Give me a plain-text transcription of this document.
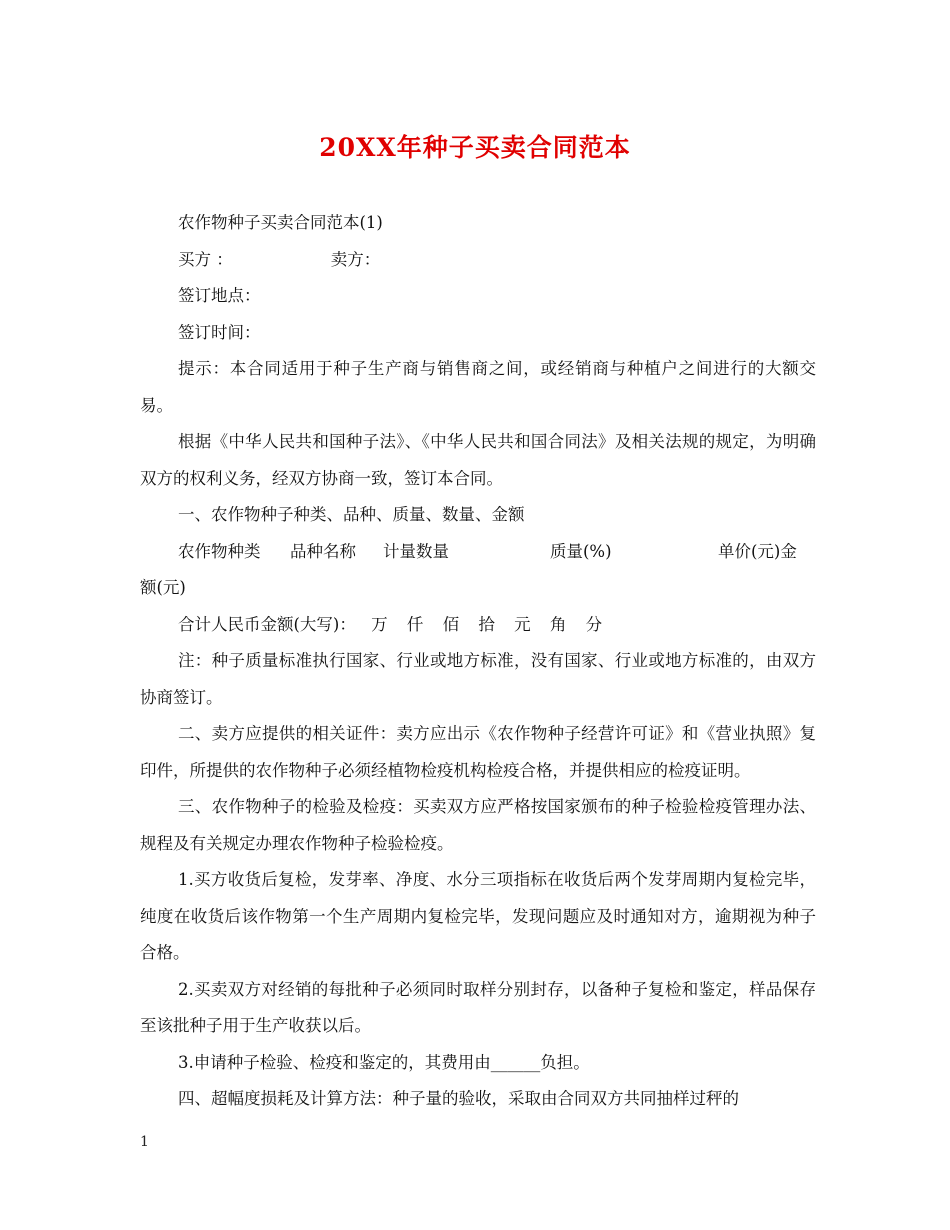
20XX年种子买卖合同范本
农作物种子买卖合同范本(1)
买方 ：	卖方：
签订地点：
签订时间：
提示：本合同适用于种子生产商与销售商之间，或经销商与种植户之间进行的大额交易。
根据《中华人民共和国种子法》、《中华人民共和国合同法》及相关法规的规定，为明确双方的权利义务，经双方协商一致，签订本合同。
一、农作物种子种类、品种、质量、数量、金额
农作物种类 品种名称 计量数量	质量(%)	单价(元)金
额(元)
合计人民币金额(大写)： 万 仟 佰 拾 元 角 分
注：种子质量标准执行国家、行业或地方标准，没有国家、行业或地方标准的，由双方协商签订。
二、卖方应提供的相关证件：卖方应出示《农作物种子经营许可证》和《营业执照》复印件，所提供的农作物种子必须经植物检疫机构检疫合格，并提供相应的检疫证明。
三、农作物种子的检验及检疫：买卖双方应严格按国家颁布的种子检验检疫管理办法、规程及有关规定办理农作物种子检验检疫。
1.买方收货后复检，发芽率、净度、水分三项指标在收货后两个发芽周期内复检完毕，纯度在收货后该作物第一个生产周期内复检完毕，发现问题应及时通知对方，逾期视为种子合格。
2.买卖双方对经销的每批种子必须同时取样分别封存，以备种子复检和鉴定，样品保存至该批种子用于生产收获以后。
3.申请种子检验、检疫和鉴定的，其费用由______负担。
四、超幅度损耗及计算方法：种子量的验收，采取由合同双方共同抽样过秤的
1
